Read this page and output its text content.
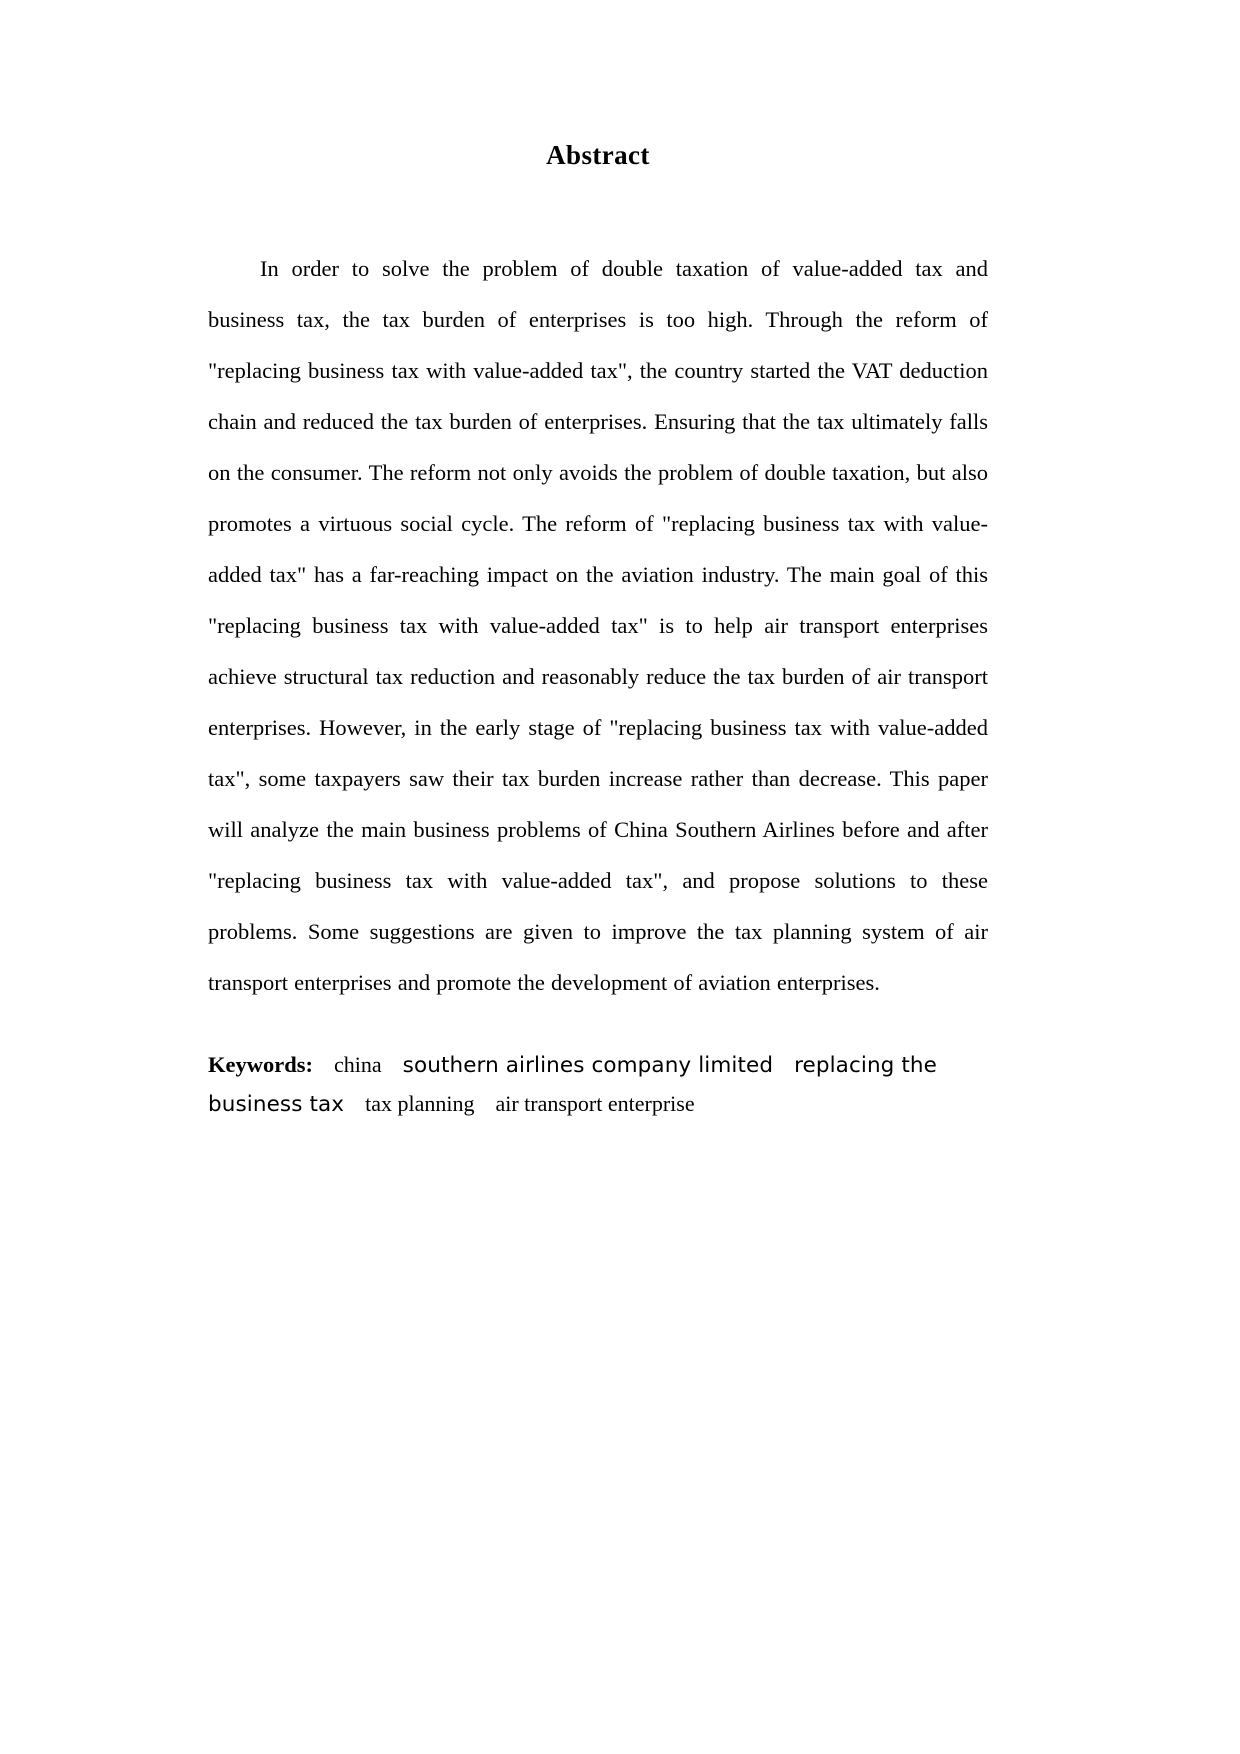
Abstract
In order to solve the problem of double taxation of value-added tax and business tax, the tax burden of enterprises is too high. Through the reform of "replacing business tax with value-added tax", the country started the VAT deduction chain and reduced the tax burden of enterprises. Ensuring that the tax ultimately falls on the consumer. The reform not only avoids the problem of double taxation, but also promotes a virtuous social cycle. The reform of "replacing business tax with value-added tax" has a far-reaching impact on the aviation industry. The main goal of this "replacing business tax with value-added tax" is to help air transport enterprises achieve structural tax reduction and reasonably reduce the tax burden of air transport enterprises. However, in the early stage of "replacing business tax with value-added tax", some taxpayers saw their tax burden increase rather than decrease. This paper will analyze the main business problems of China Southern Airlines before and after "replacing business tax with value-added tax", and propose solutions to these problems. Some suggestions are given to improve the tax planning system of air transport enterprises and promote the development of aviation enterprises.
Keywords: china southern airlines company limited replacing the business tax tax planning air transport enterprise
